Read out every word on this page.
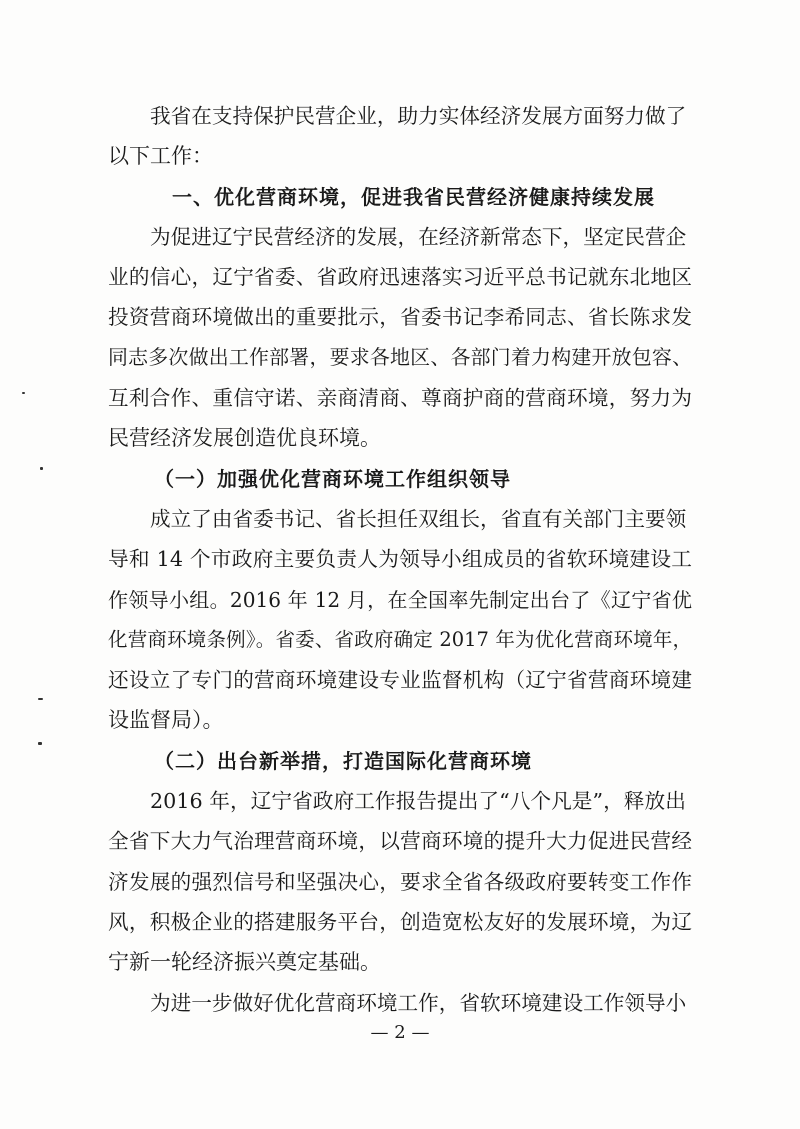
我省在支持保护民营企业，助力实体经济发展方面努力做了
以下工作：
一、优化营商环境，促进我省民营经济健康持续发展
为促进辽宁民营经济的发展，在经济新常态下，坚定民营企
业的信心，辽宁省委、省政府迅速落实习近平总书记就东北地区
投资营商环境做出的重要批示，省委书记李希同志、省长陈求发
同志多次做出工作部署，要求各地区、各部门着力构建开放包容、
互利合作、重信守诺、亲商清商、尊商护商的营商环境，努力为
民营经济发展创造优良环境。
（一）加强优化营商环境工作组织领导
成立了由省委书记、省长担任双组长，省直有关部门主要领
导和 14 个市政府主要负责人为领导小组成员的省软环境建设工
作领导小组。2016 年 12 月，在全国率先制定出台了《辽宁省优
化营商环境条例》。省委、省政府确定 2017 年为优化营商环境年，
还设立了专门的营商环境建设专业监督机构（辽宁省营商环境建
设监督局）。
（二）出台新举措，打造国际化营商环境
2016 年，辽宁省政府工作报告提出了“八个凡是”，释放出
全省下大力气治理营商环境，以营商环境的提升大力促进民营经
济发展的强烈信号和坚强决心，要求全省各级政府要转变工作作
风，积极企业的搭建服务平台，创造宽松友好的发展环境，为辽
宁新一轮经济振兴奠定基础。
为进一步做好优化营商环境工作，省软环境建设工作领导小
— 2 —
